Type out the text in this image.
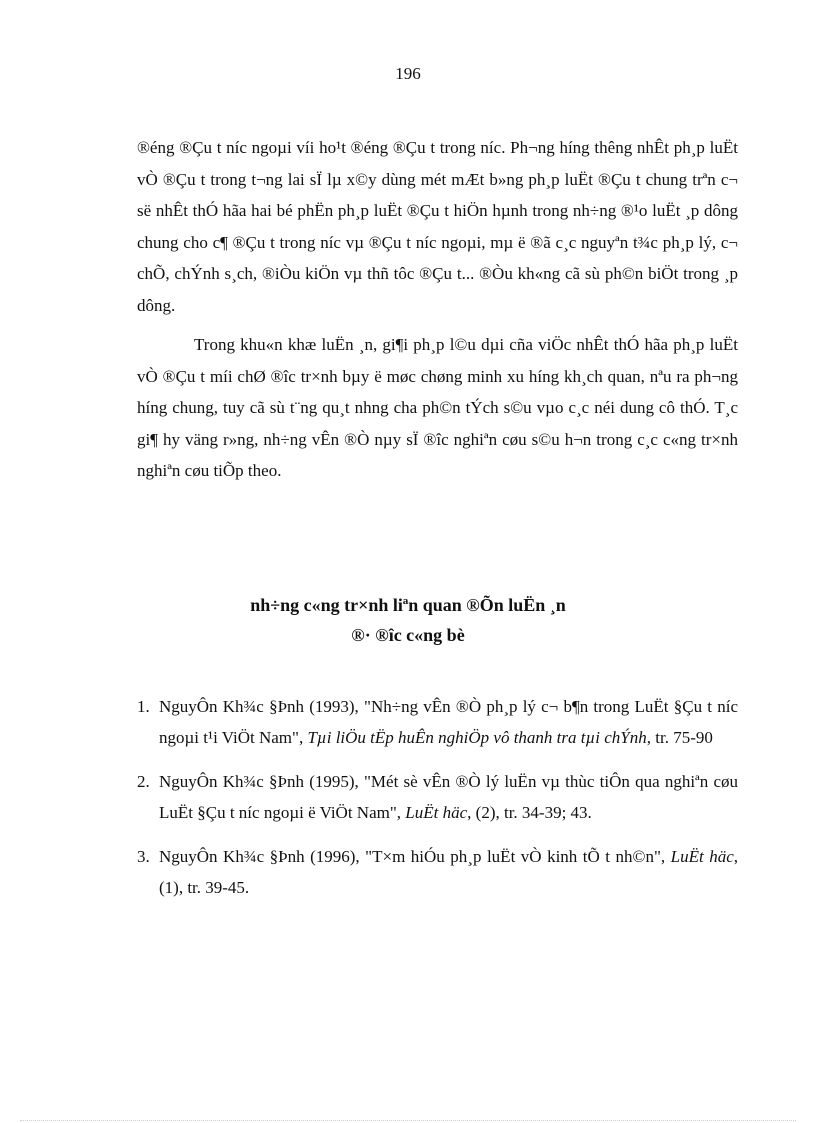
196

®éng ®Çu t níc ngoµi víi ho¹t ®éng ®Çu t trong níc. Ph¬ng híng thêng nhÊt ph¸p luËt vÒ ®Çu t trong t¬ng lai sÏ lµ x©y dùng mét mÆt b»ng ph¸p luËt ®Çu t chung trªn c¬ së nhÊt thÓ hãa hai bé phËn ph¸p luËt ®Çu t hiÖn hµnh trong nh÷ng ®¹o luËt ¸p dông chung cho c¶ ®Çu t trong níc vµ ®Çu t níc ngoµi, mµ ë ®ã c¸c nguyªn t¾c ph¸p lý, c¬ chÕ, chÝnh s¸ch, ®iÒu kiÖn vµ thñ tôc ®Çu t... ®Òu kh«ng cã sù ph©n biÖt trong ¸p dông.

Trong khu«n khæ luËn ¸n, gi¶i ph¸p l©u dµi cña viÖc nhÊt thÓ hãa ph¸p luËt vÒ ®Çu t míi chØ ®îc tr×nh bµy ë møc chøng minh xu híng kh¸ch quan, nªu ra ph¬ng híng chung, tuy cã sù t¨ng qu¸t nhng cha ph©n tÝch s©u vµo c¸c néi dung cô thÓ. T¸c gi¶ hy väng r»ng, nh÷ng vÊn ®Ò nµy sÏ ®îc nghiªn cøu s©u h¬n trong c¸c c«ng tr×nh nghiªn cøu tiÕp theo.

nh÷ng c«ng tr×nh liªn quan ®Õn luËn ¸n
®· ®îc c«ng bè
1. NguyÔn Kh¾c §Þnh (1993), "Nh÷ng vÊn ®Ò ph¸p lý c¬ b¶n trong LuËt §Çu t níc ngoµi t¹i ViÖt Nam", Tµi liÖu tËp huÊn nghiÖp vô thanh tra tµi chÝnh, tr. 75-90
2. NguyÔn Kh¾c §Þnh (1995), "Mét sè vÊn ®Ò lý luËn vµ thùc tiÔn qua nghiªn cøu LuËt §Çu t níc ngoµi ë ViÖt Nam", LuËt häc, (2), tr. 34-39; 43.
3. NguyÔn Kh¾c §Þnh (1996), "T×m hiÓu ph¸p luËt vÒ kinh tÕ t nh©n", LuËt häc, (1), tr. 39-45.
